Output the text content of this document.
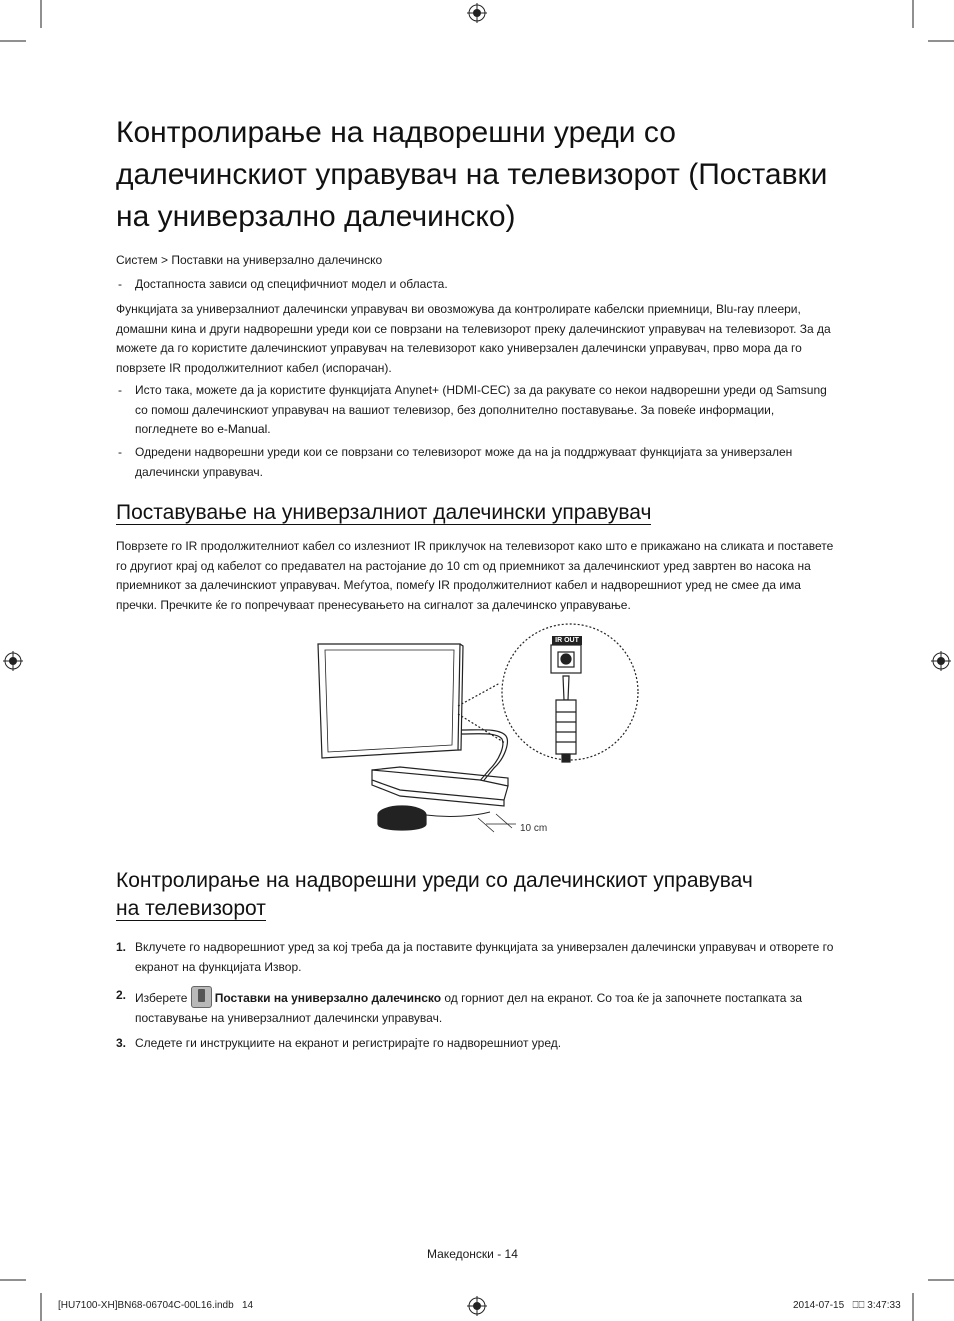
Контролирање на надворешни уреди со далечинскиот управувач на телевизорот (Поставки на универзално далечинско)
Систем > Поставки на универзално далечинско
- Достапноста зависи од специфичниот модел и областа.

Функцијата за универзалниот далечински управувач ви овозможува да контролирате кабелски приемници, Blu-ray плеери, домашни кина и други надворешни уреди кои се поврзани на телевизорот преку далечинскиот управувач на телевизорот. За да можете да го користите далечинскиот управувач на телевизорот како универзален далечински управувач, прво мора да го поврзете IR продолжителниот кабел (испорачан).

- Исто така, можете да ја користите функцијата Anynet+ (HDMI-CEC) за да ракувате со некои надворешни уреди од Samsung со помош далечинскиот управувач на вашиот телевизор, без дополнително поставување. За повеќе информации, погледнете во e-Manual.
- Одредени надворешни уреди кои се поврзани со телевизорот може да на ја поддржуваат функцијата за универзален далечински управувач.
Поставување на универзалниот далечински управувач

Поврзете го IR продолжителниот кабел со излезниот IR приклучок на телевизорот како што е прикажано на сликата и поставете го другиот крај од кабелот со предавател на растојание до 10 cm од приемникот за далечинскиот уред завртен во насока на приемникот за далечинскиот управувач. Меѓутоа, помеѓу IR продолжителниот кабел и надворешниот уред не смее да има пречки. Пречките ќе го попречуваат пренесувањето на сигналот за далечинско управување.

IR OUT
10 cm
Контролирање на надворешни уреди со далечинскиот управувач
на телевизорот
1. Вклучете го надворешниот уред за кој треба да ја поставите функцијата за универзален далечински управувач и отворете го екранот на функцијата Извор.
2. Изберете
Поставки на универзално далечинско од горниот дел на екранот. Со тоа ќе ја започнете постапката за поставување на универзалниот далечински управувач.
3. Следете ги инструкциите на екранот и регистрирајте го надворешниот уред.
Македонски - 14
[HU7100-XH]BN68-06704C-00L16.indb   14	2014-07-15   ⎕⎕ 3:47:33
